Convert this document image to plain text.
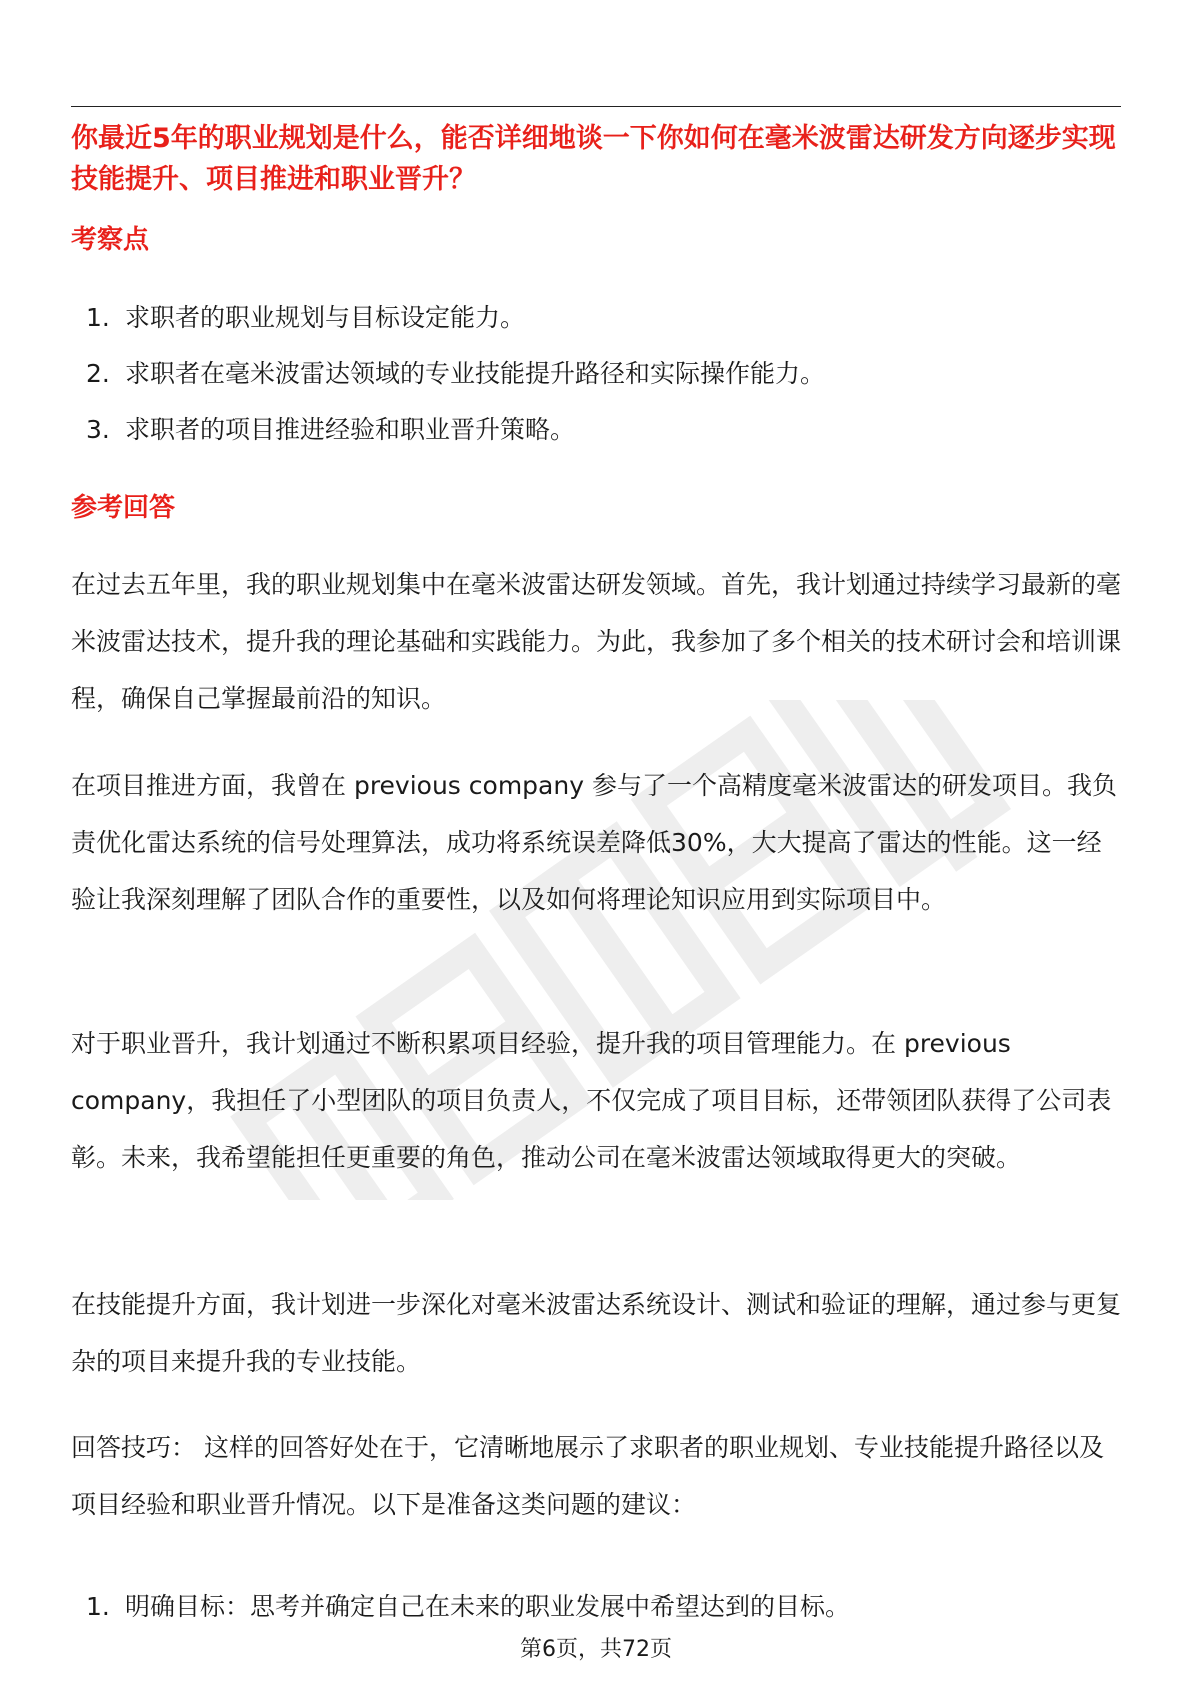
你最近5年的职业规划是什么，能否详细地谈一下你如何在毫米波雷达研发方向逐步实现技能提升、项目推进和职业晋升？

考察点
1. 求职者的职业规划与目标设定能力。
2. 求职者在毫米波雷达领域的专业技能提升路径和实际操作能力。
3. 求职者的项目推进经验和职业晋升策略。
参考回答

在过去五年里，我的职业规划集中在毫米波雷达研发领域。首先，我计划通过持续学习最新的毫米波雷达技术，提升我的理论基础和实践能力。为此，我参加了多个相关的技术研讨会和培训课程，确保自己掌握最前沿的知识。

在项目推进方面，我曾在 previous company 参与了一个高精度毫米波雷达的研发项目。我负责优化雷达系统的信号处理算法，成功将系统误差降低30%，大大提高了雷达的性能。这一经验让我深刻理解了团队合作的重要性，以及如何将理论知识应用到实际项目中。

对于职业晋升，我计划通过不断积累项目经验，提升我的项目管理能力。在 previous company，我担任了小型团队的项目负责人，不仅完成了项目目标，还带领团队获得了公司表彰。未来，我希望能担任更重要的角色，推动公司在毫米波雷达领域取得更大的突破。

在技能提升方面，我计划进一步深化对毫米波雷达系统设计、测试和验证的理解，通过参与更复杂的项目来提升我的专业技能。

回答技巧： 这样的回答好处在于，它清晰地展示了求职者的职业规划、专业技能提升路径以及项目经验和职业晋升情况。以下是准备这类问题的建议：

1. 明确目标：思考并确定自己在未来的职业发展中希望达到的目标。
第6页，共72页
